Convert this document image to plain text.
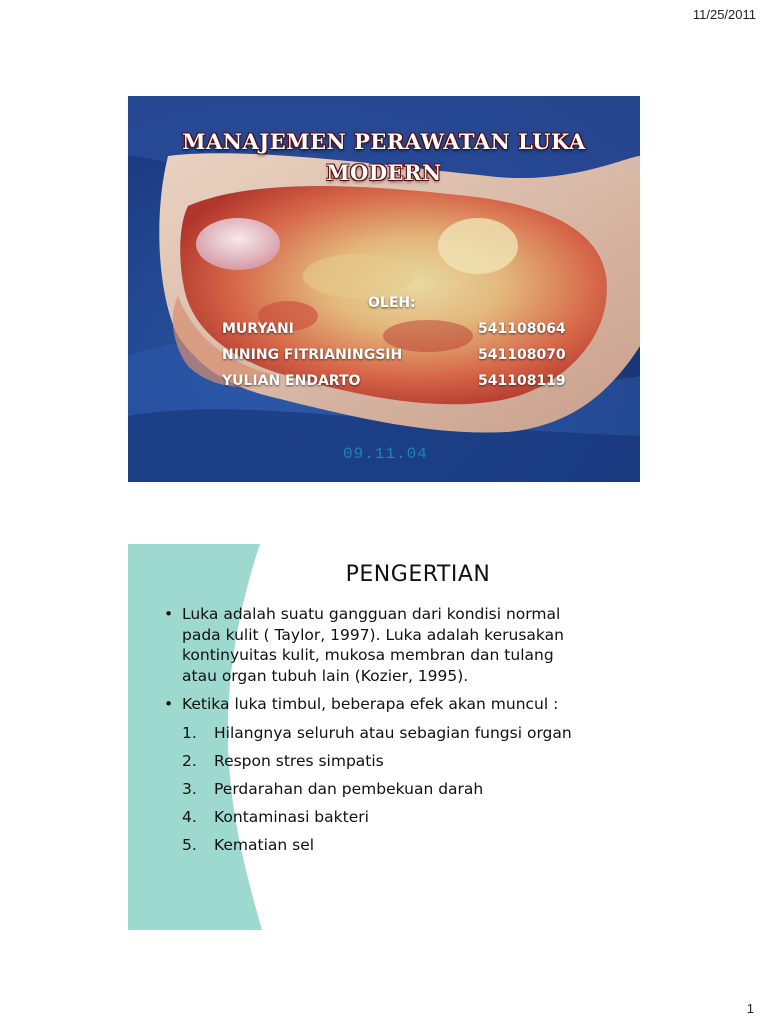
11/25/2011
MANAJEMEN PERAWATAN LUKA
MODERN
OLEH:
MURYANI	541108064
NINING FITRIANINGSIH	541108070
YULIAN ENDARTO	541108119
09.11.04
PENGERTIAN
• Luka adalah suatu gangguan dari kondisi normal
pada kulit ( Taylor, 1997). Luka adalah kerusakan
kontinyuitas kulit, mukosa membran dan tulang
atau organ tubuh lain (Kozier, 1995).
• Ketika luka timbul, beberapa efek akan muncul :
1. Hilangnya seluruh atau sebagian fungsi organ
2. Respon stres simpatis
3. Perdarahan dan pembekuan darah
4. Kontaminasi bakteri
5. Kematian sel
1
